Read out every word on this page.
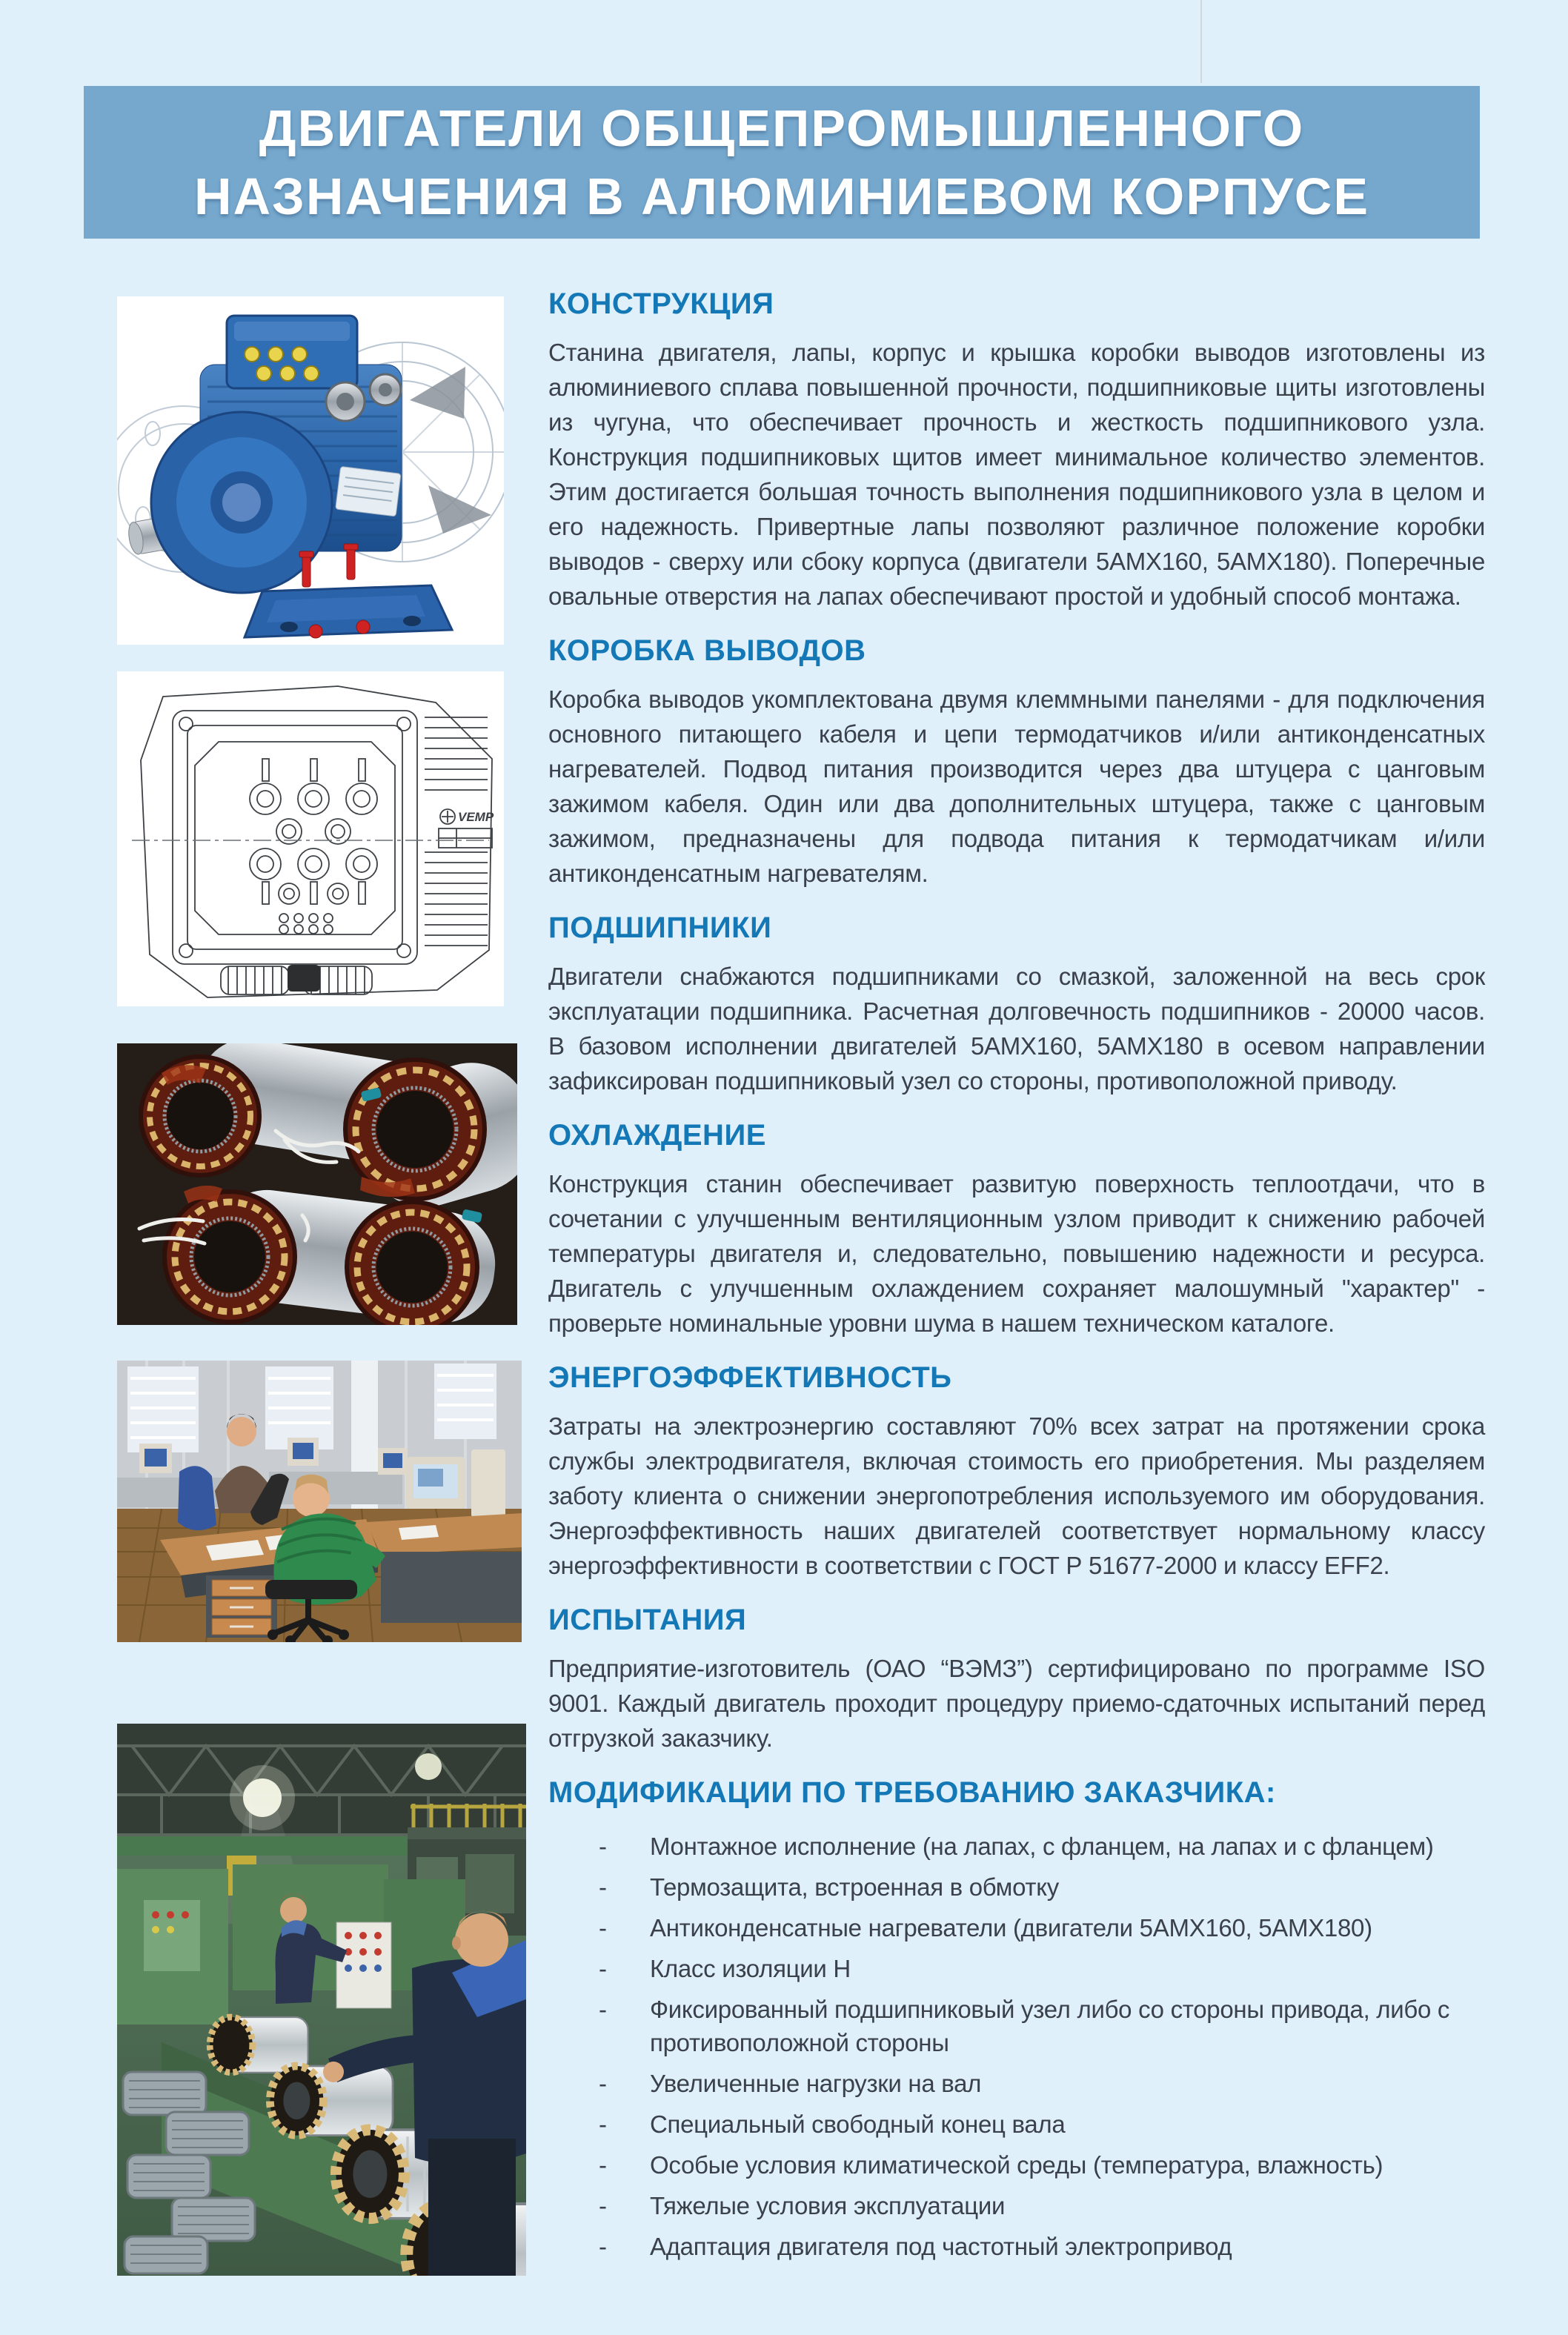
ДВИГАТЕЛИ ОБЩЕПРОМЫШЛЕННОГО
НАЗНАЧЕНИЯ В АЛЮМИНИЕВОМ КОРПУСЕ
VEMP
КОНСТРУКЦИЯ

Станина двигателя, лапы, корпус и крышка коробки выводов изготовлены из алюминиевого сплава повышенной прочности, подшипниковые щиты изготовлены из чугуна, что обеспечивает прочность и жесткость подшипникового узла. Конструкция подшипниковых щитов имеет минимальное количество элементов. Этим достигается большая точность выполнения подшипникового узла в целом и его надежность. Привертные лапы позволяют различное положение коробки выводов - сверху или сбоку корпуса (двигатели 5АМХ160, 5АМХ180). Поперечные овальные отверстия на лапах обеспечивают простой и удобный способ монтажа.

КОРОБКА ВЫВОДОВ

Коробка выводов укомплектована двумя клеммными панелями - для подключения основного питающего кабеля и цепи термодатчиков и/или антиконденсатных нагревателей. Подвод питания производится через два штуцера с цанговым зажимом кабеля. Один или два дополнительных штуцера, также с цанговым зажимом, предназначены для подвода питания к термодатчикам и/или антиконденсатным нагревателям.

ПОДШИПНИКИ

Двигатели снабжаются подшипниками со смазкой, заложенной на весь срок эксплуатации подшипника. Расчетная долговечность подшипников - 20000 часов. В базовом исполнении двигателей 5АМХ160, 5АМХ180 в осевом направлении зафиксирован подшипниковый узел со стороны, противоположной приводу.

ОХЛАЖДЕНИЕ

Конструкция станин обеспечивает развитую поверхность теплоотдачи, что в сочетании с улучшенным вентиляционным узлом приводит к снижению рабочей температуры двигателя и, следовательно, повышению надежности и ресурса. Двигатель с улучшенным охлаждением сохраняет малошумный "характер" - проверьте номинальные уровни шума в нашем техническом каталоге.

ЭНЕРГОЭФФЕКТИВНОСТЬ

Затраты на электроэнергию составляют 70% всех затрат на протяжении срока службы электродвигателя, включая стоимость его приобретения. Мы разделяем заботу клиента о снижении энергопотребления используемого им оборудования. Энергоэффективность наших двигателей соответствует нормальному классу энергоэффективности в соответствии с ГОСТ Р 51677-2000 и классу EFF2.

ИСПЫТАНИЯ

Предприятие-изготовитель (ОАО “ВЭМЗ”) сертифицировано по программе ISO 9001. Каждый двигатель проходит процедуру приемо-сдаточных испытаний перед отгрузкой заказчику.

МОДИФИКАЦИИ ПО ТРЕБОВАНИЮ ЗАКАЗЧИКА:
- Монтажное исполнение (на лапах, с фланцем, на лапах и с фланцем)
- Термозащита, встроенная в обмотку
- Антиконденсатные нагреватели (двигатели 5АМХ160, 5АМХ180)
- Класс изоляции Н
- Фиксированный подшипниковый узел либо со стороны привода, либо с противоположной стороны
- Увеличенные нагрузки на вал
- Специальный свободный конец вала
- Особые условия климатической среды (температура, влажность)
- Тяжелые условия эксплуатации
- Адаптация двигателя под частотный электропривод
